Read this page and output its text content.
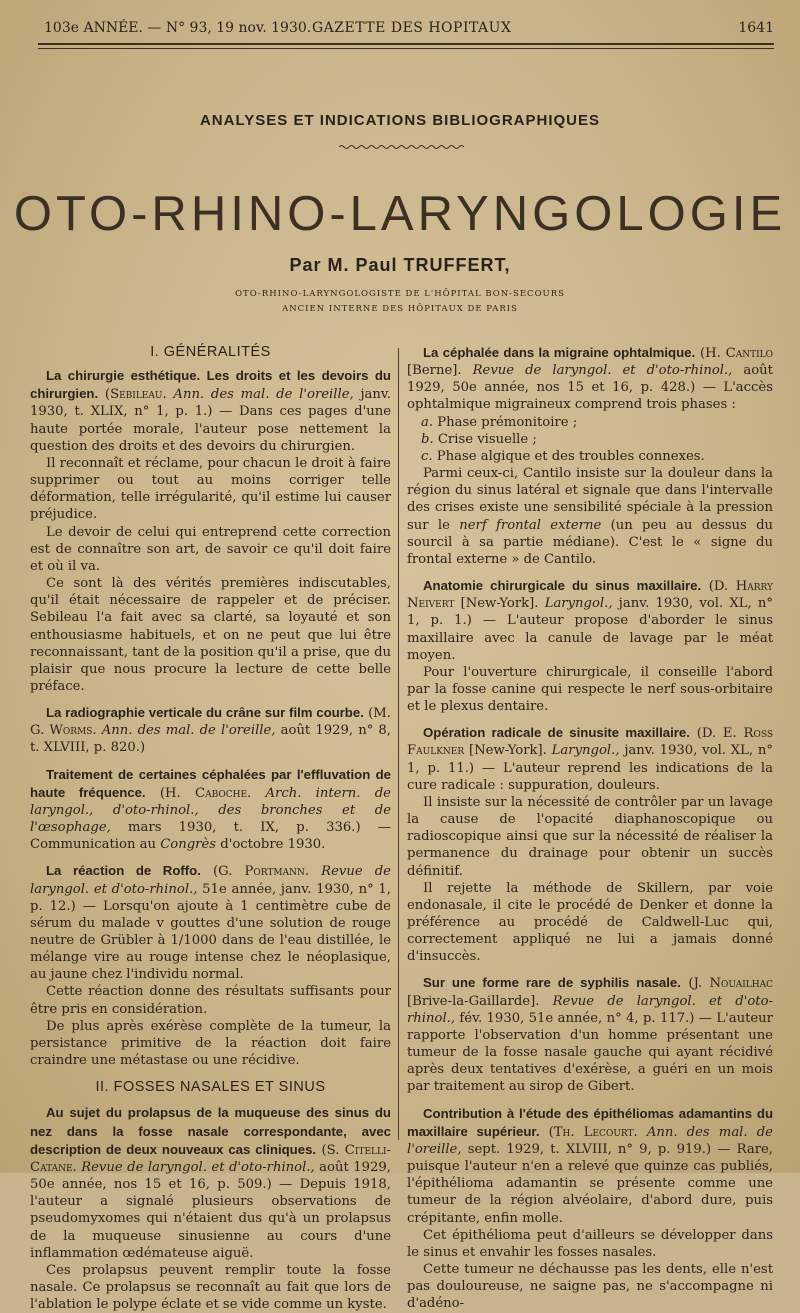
103e ANNÉE. — N° 93, 19 nov. 1930. GAZETTE DES HOPITAUX	1641
ANALYSES ET INDICATIONS BIBLIOGRAPHIQUES
OTO-RHINO-LARYNGOLOGIE
Par M. Paul TRUFFERT,
OTO-RHINO-LARYNGOLOGISTE DE L'HÔPITAL BON-SECOURS
ANCIEN INTERNE DES HÔPITAUX DE PARIS
I. GÉNÉRALITÉS

La chirurgie esthétique. Les droits et les devoirs du chirurgien. (Sebileau. Ann. des mal. de l'oreille, janv. 1930, t. XLIX, n° 1, p. 1.) — Dans ces pages d'une haute portée morale, l'auteur pose nettement la question des droits et des devoirs du chirurgien.

Il reconnaît et réclame, pour chacun le droit à faire supprimer ou tout au moins corriger telle déformation, telle irrégularité, qu'il estime lui causer préjudice.

Le devoir de celui qui entreprend cette correction est de connaître son art, de savoir ce qu'il doit faire et où il va.

Ce sont là des vérités premières indiscutables, qu'il était nécessaire de rappeler et de préciser. Sebileau l'a fait avec sa clarté, sa loyauté et son enthousiasme habituels, et on ne peut que lui être reconnaissant, tant de la position qu'il a prise, que du plaisir que nous procure la lecture de cette belle préface.

La radiographie verticale du crâne sur film courbe. (M. G. Worms. Ann. des mal. de l'oreille, août 1929, n° 8, t. XLVIII, p. 820.)

Traitement de certaines céphalées par l'effluvation de haute fréquence. (H. Caboche. Arch. intern. de laryngol., d'oto-rhinol., des bronches et de l'œsophage, mars 1930, t. IX, p. 336.) — Communication au Congrès d'octobre 1930.

La réaction de Roffo. (G. Portmann. Revue de laryngol. et d'oto-rhinol., 51e année, janv. 1930, n° 1, p. 12.) — Lorsqu'on ajoute à 1 centimètre cube de sérum du malade v gouttes d'une solution de rouge neutre de Grübler à 1/1000 dans de l'eau distillée, le mélange vire au rouge intense chez le néoplasique, au jaune chez l'individu normal.

Cette réaction donne des résultats suffisants pour être pris en considération.

De plus après exérèse complète de la tumeur, la persistance primitive de la réaction doit faire craindre une métastase ou une récidive.

II. FOSSES NASALES ET SINUS

Au sujet du prolapsus de la muqueuse des sinus du nez dans la fosse nasale correspondante, avec description de deux nouveaux cas cliniques. (S. Citelli-Catane. Revue de laryngol. et d'oto-rhinol., août 1929, 50e année, nos 15 et 16, p. 509.) — Depuis 1918, l'auteur a signalé plusieurs observations de pseudomyxomes qui n'étaient dus qu'à un prolapsus de la muqueuse sinusienne au cours d'une inflammation œdémateuse aiguë.

Ces prolapsus peuvent remplir toute la fosse nasale. Ce prolapsus se reconnaît au fait que lors de l'ablation le polype éclate et se vide comme un kyste.

La céphalée dans la migraine ophtalmique. (H. Cantilo [Berne]. Revue de laryngol. et d'oto-rhinol., août 1929, 50e année, nos 15 et 16, p. 428.) — L'accès ophtalmique migraineux comprend trois phases :

a. Phase prémonitoire ;
b. Crise visuelle ;
c. Phase algique et des troubles connexes.

Parmi ceux-ci, Cantilo insiste sur la douleur dans la région du sinus latéral et signale que dans l'intervalle des crises existe une sensibilité spéciale à la pression sur le nerf frontal externe (un peu au dessus du sourcil à sa partie médiane). C'est le « signe du frontal externe » de Cantilo.

Anatomie chirurgicale du sinus maxillaire. (D. Harry Neivert [New-York]. Laryngol., janv. 1930, vol. XL, n° 1, p. 1.) — L'auteur propose d'aborder le sinus maxillaire avec la canule de lavage par le méat moyen.

Pour l'ouverture chirurgicale, il conseille l'abord par la fosse canine qui respecte le nerf sous-orbitaire et le plexus dentaire.

Opération radicale de sinusite maxillaire. (D. E. Ross Faulkner [New-York]. Laryngol., janv. 1930, vol. XL, n° 1, p. 11.) — L'auteur reprend les indications de la cure radicale : suppuration, douleurs.

Il insiste sur la nécessité de contrôler par un lavage la cause de l'opacité diaphanoscopique ou radioscopique ainsi que sur la nécessité de réaliser la permanence du drainage pour obtenir un succès définitif.

Il rejette la méthode de Skillern, par voie endonasale, il cite le procédé de Denker et donne la préférence au procédé de Caldwell-Luc qui, correctement appliqué ne lui a jamais donné d'insuccès.

Sur une forme rare de syphilis nasale. (J. Nouailhac [Brive-la-Gaillarde]. Revue de laryngol. et d'oto-rhinol., fév. 1930, 51e année, n° 4, p. 117.) — L'auteur rapporte l'observation d'un homme présentant une tumeur de la fosse nasale gauche qui ayant récidivé après deux tentatives d'exérèse, a guéri en un mois par traitement au sirop de Gibert.

Contribution à l'étude des épithéliomas adamantins du maxillaire supérieur. (Th. Lecourt. Ann. des mal. de l'oreille, sept. 1929, t. XLVIII, n° 9, p. 919.) — Rare, puisque l'auteur n'en a relevé que quinze cas publiés, l'épithélioma adamantin se présente comme une tumeur de la région alvéolaire, d'abord dure, puis crépitante, enfin molle.

Cet épithélioma peut d'ailleurs se développer dans le sinus et envahir les fosses nasales.

Cette tumeur ne déchausse pas les dents, elle n'est pas douloureuse, ne saigne pas, ne s'accompagne ni d'adéno-
